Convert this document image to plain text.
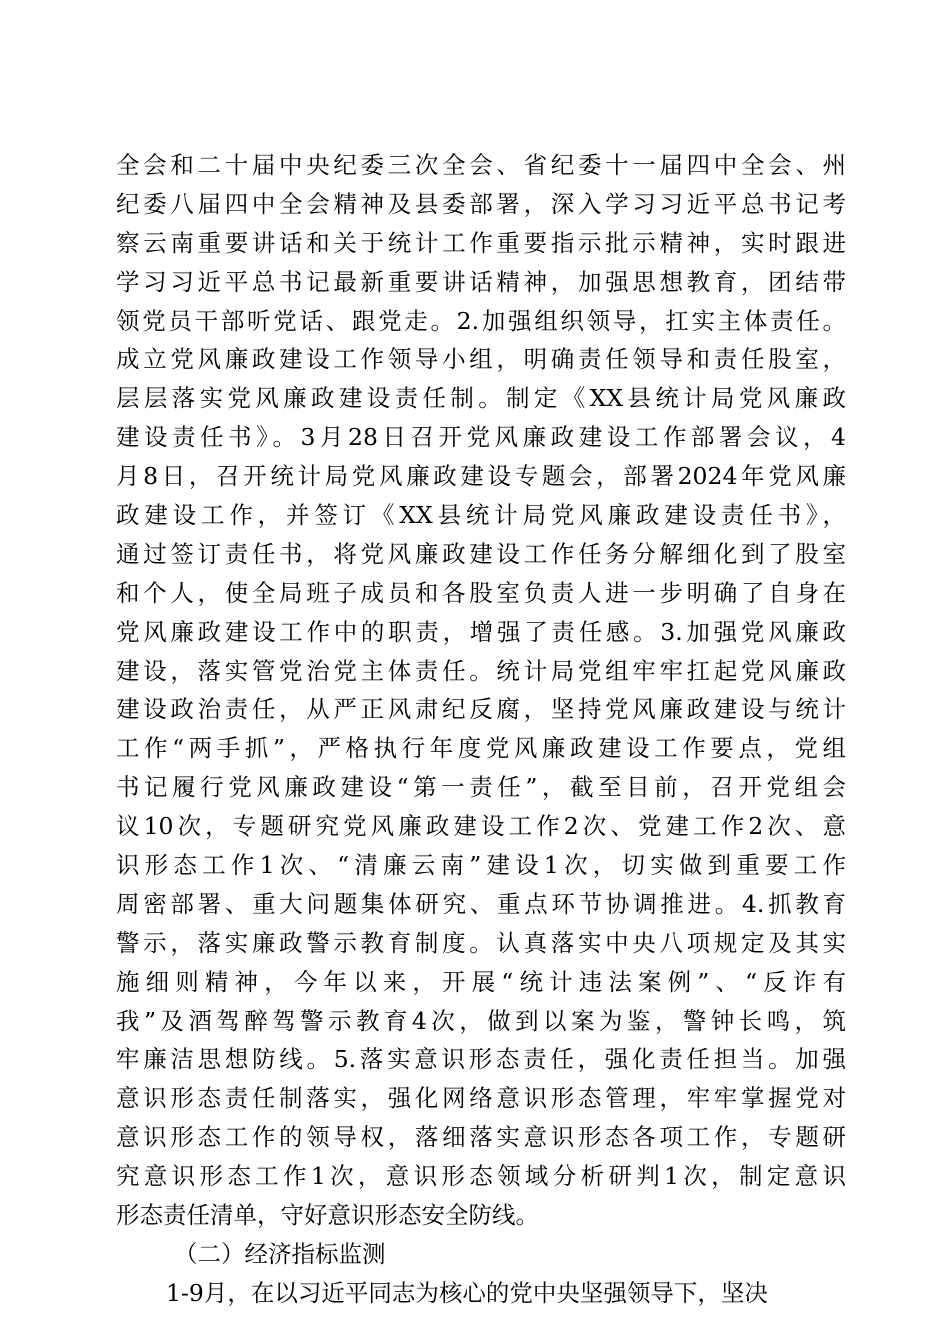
全会和二十届中央纪委三次全会、省纪委十一届四中全会、州
纪委八届四中全会精神及县委部署，深入学习习近平总书记考
察云南重要讲话和关于统计工作重要指示批示精神，实时跟进
学习习近平总书记最新重要讲话精神，加强思想教育，团结带
领党员干部听党话、跟党走。2.加强组织领导，扛实主体责任。
成立党风廉政建设工作领导小组，明确责任领导和责任股室，
层层落实党风廉政建设责任制。制定《XX县统计局党风廉政
建设责任书》。3月28日召开党风廉政建设工作部署会议，4
月8日，召开统计局党风廉政建设专题会，部署2024年党风廉
政建设工作，并签订《XX县统计局党风廉政建设责任书》，
通过签订责任书，将党风廉政建设工作任务分解细化到了股室
和个人，使全局班子成员和各股室负责人进一步明确了自身在
党风廉政建设工作中的职责，增强了责任感。3.加强党风廉政
建设，落实管党治党主体责任。统计局党组牢牢扛起党风廉政
建设政治责任，从严正风肃纪反腐，坚持党风廉政建设与统计
工作“两手抓”，严格执行年度党风廉政建设工作要点，党组
书记履行党风廉政建设“第一责任”，截至目前，召开党组会
议10次，专题研究党风廉政建设工作2次、党建工作2次、意
识形态工作1次、“清廉云南”建设1次，切实做到重要工作
周密部署、重大问题集体研究、重点环节协调推进。4.抓教育
警示，落实廉政警示教育制度。认真落实中央八项规定及其实
施细则精神，今年以来，开展“统计违法案例”、“反诈有
我”及酒驾醉驾警示教育4次，做到以案为鉴，警钟长鸣，筑
牢廉洁思想防线。5.落实意识形态责任，强化责任担当。加强
意识形态责任制落实，强化网络意识形态管理，牢牢掌握党对
意识形态工作的领导权，落细落实意识形态各项工作，专题研
究意识形态工作1次，意识形态领域分析研判1次，制定意识
形态责任清单，守好意识形态安全防线。
（二）经济指标监测
1-9月，在以习近平同志为核心的党中央坚强领导下，坚决
